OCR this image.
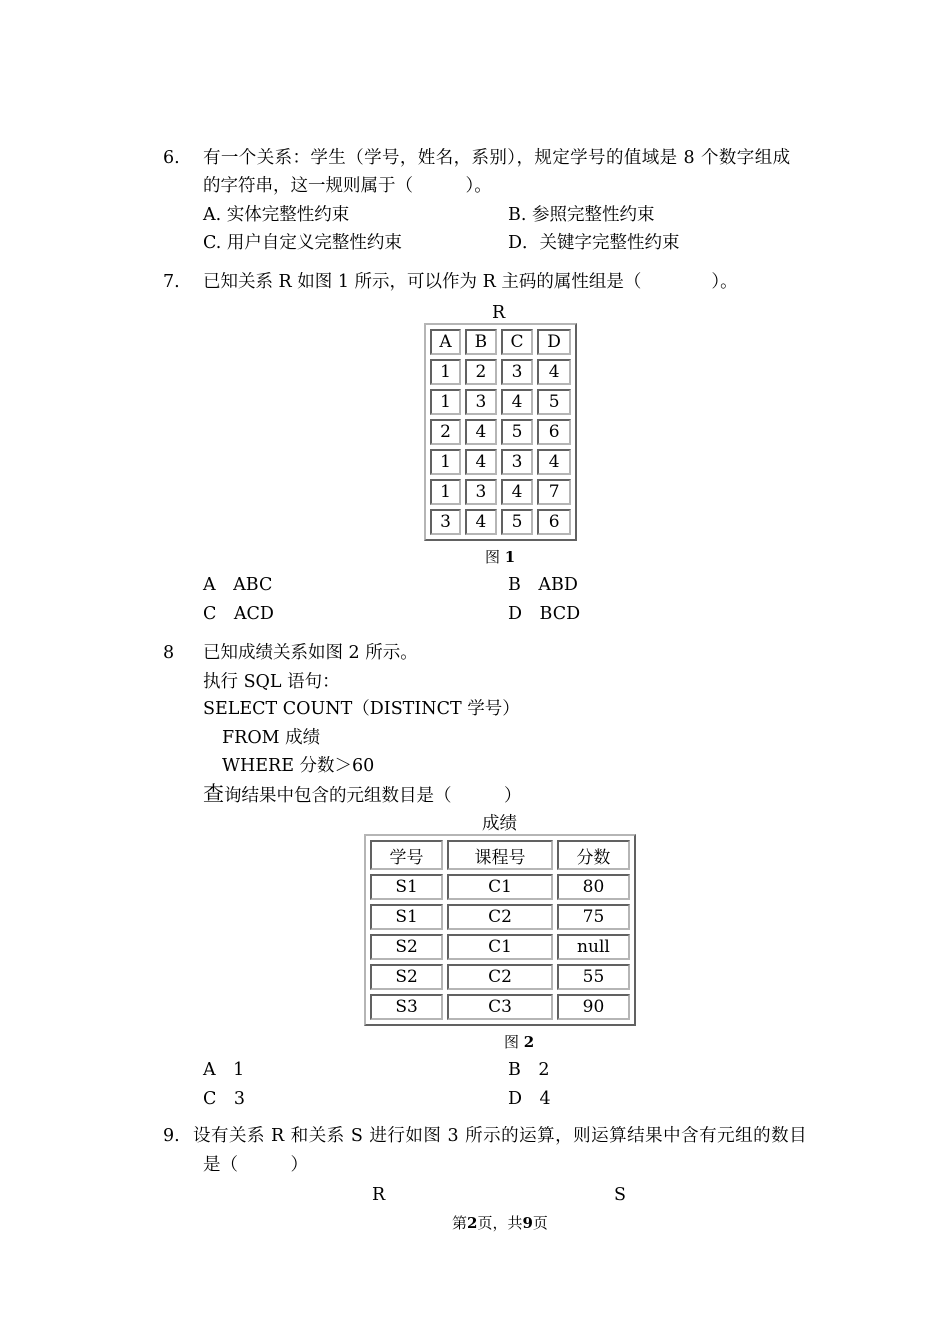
6. 有一个关系：学生（学号，姓名，系别），规定学号的值域是 8 个数字组成
的字符串，这一规则属于（　　　）。
A. 实体完整性约束	B. 参照完整性约束
C. 用户自定义完整性约束	D．关键字完整性约束
7. 已知关系 R 如图 1 所示，可以作为 R 主码的属性组是（　　　　）。
R
A	B	C	D
1	2	3	4
1	3	4	5
2	4	5	6
1	4	3	4
1	3	4	7
3	4	5	6
图 1
A　ABC	B　ABD
C　ACD	D　BCD
8 已知成绩关系如图 2 所示。
执行 SQL 语句：
SELECT COUNT（DISTINCT 学号）
FROM 成绩
WHERE 分数＞60
查询结果中包含的元组数目是（　　　）
成绩
学号	课程号	分数
S1	C1	80
S1	C2	75
S2	C1	null
S2	C2	55
S3	C3	90
图 2
A　1	B　2
C　3	D　4
9. 设有关系 R 和关系 S 进行如图 3 所示的运算，则运算结果中含有元组的数目
是（　　　）
R	S
第2页，共9页
